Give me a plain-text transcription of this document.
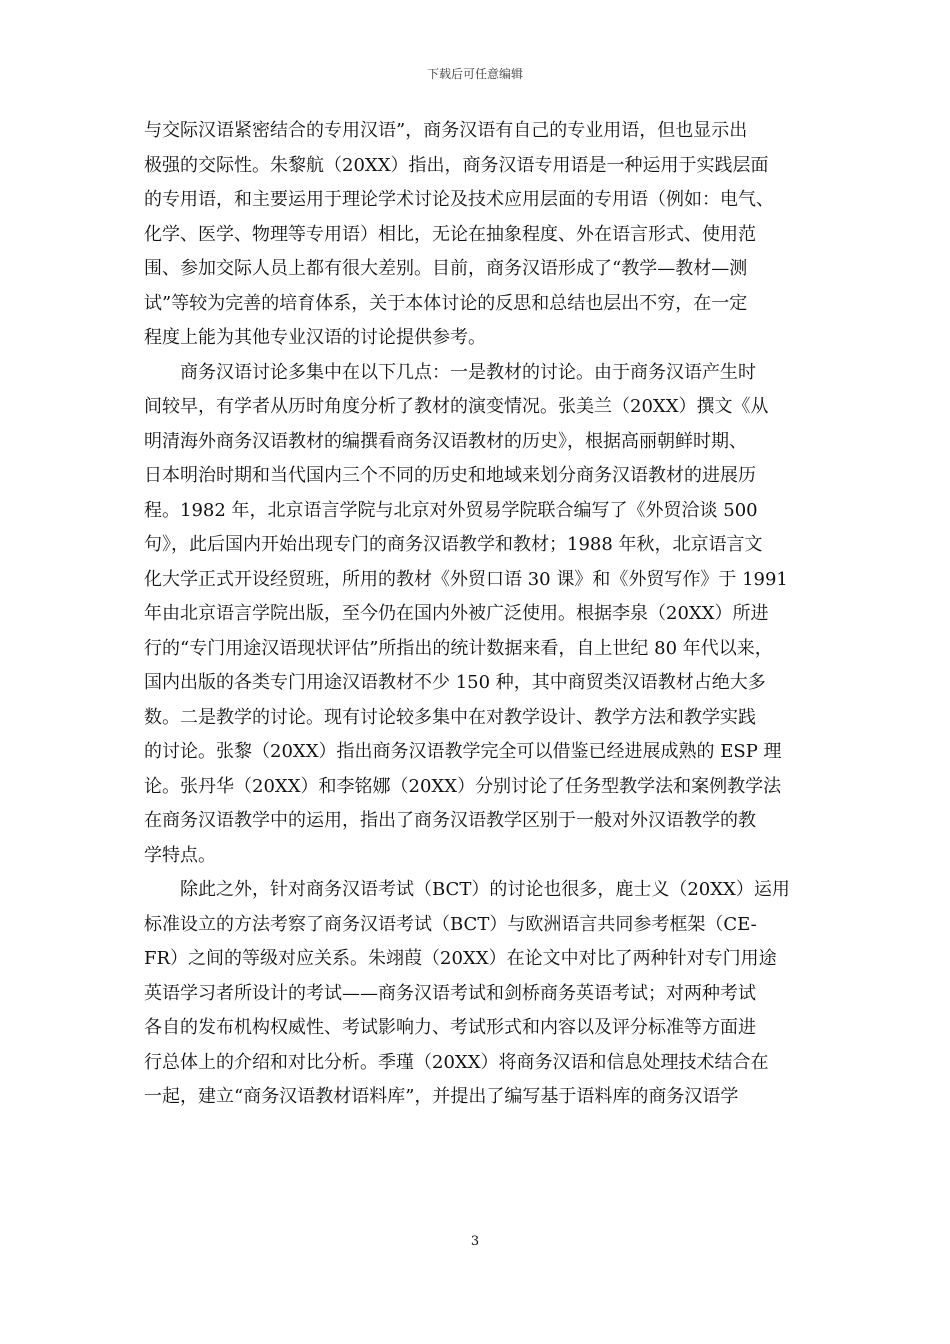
下载后可任意编辑
与交际汉语紧密结合的专用汉语”，商务汉语有自己的专业用语，但也显示出
极强的交际性。朱黎航（20XX）指出，商务汉语专用语是一种运用于实践层面
的专用语，和主要运用于理论学术讨论及技术应用层面的专用语（例如：电气、
化学、医学、物理等专用语）相比，无论在抽象程度、外在语言形式、使用范
围、参加交际人员上都有很大差别。目前，商务汉语形成了“教学—教材—测
试”等较为完善的培育体系，关于本体讨论的反思和总结也层出不穷，在一定
程度上能为其他专业汉语的讨论提供参考。
商务汉语讨论多集中在以下几点：一是教材的讨论。由于商务汉语产生时
间较早，有学者从历时角度分析了教材的演变情况。张美兰（20XX）撰文《从
明清海外商务汉语教材的编撰看商务汉语教材的历史》，根据高丽朝鲜时期、
日本明治时期和当代国内三个不同的历史和地域来划分商务汉语教材的进展历
程。1982 年，北京语言学院与北京对外贸易学院联合编写了《外贸洽谈 500
句》，此后国内开始出现专门的商务汉语教学和教材；1988 年秋，北京语言文
化大学正式开设经贸班，所用的教材《外贸口语 30 课》和《外贸写作》于 1991
年由北京语言学院出版，至今仍在国内外被广泛使用。根据李泉（20XX）所进
行的“专门用途汉语现状评估”所指出的统计数据来看，自上世纪 80 年代以来，
国内出版的各类专门用途汉语教材不少 150 种，其中商贸类汉语教材占绝大多
数。二是教学的讨论。现有讨论较多集中在对教学设计、教学方法和教学实践
的讨论。张黎（20XX）指出商务汉语教学完全可以借鉴已经进展成熟的 ESP 理
论。张丹华（20XX）和李铭娜（20XX）分别讨论了任务型教学法和案例教学法
在商务汉语教学中的运用，指出了商务汉语教学区别于一般对外汉语教学的教
学特点。
除此之外，针对商务汉语考试（BCT）的讨论也很多，鹿士义（20XX）运用
标准设立的方法考察了商务汉语考试（BCT）与欧洲语言共同参考框架（CE-
FR）之间的等级对应关系。朱翊葭（20XX）在论文中对比了两种针对专门用途
英语学习者所设计的考试——商务汉语考试和剑桥商务英语考试；对两种考试
各自的发布机构权威性、考试影响力、考试形式和内容以及评分标准等方面进
行总体上的介绍和对比分析。季瑾（20XX）将商务汉语和信息处理技术结合在
一起，建立“商务汉语教材语料库”，并提出了编写基于语料库的商务汉语学
3
